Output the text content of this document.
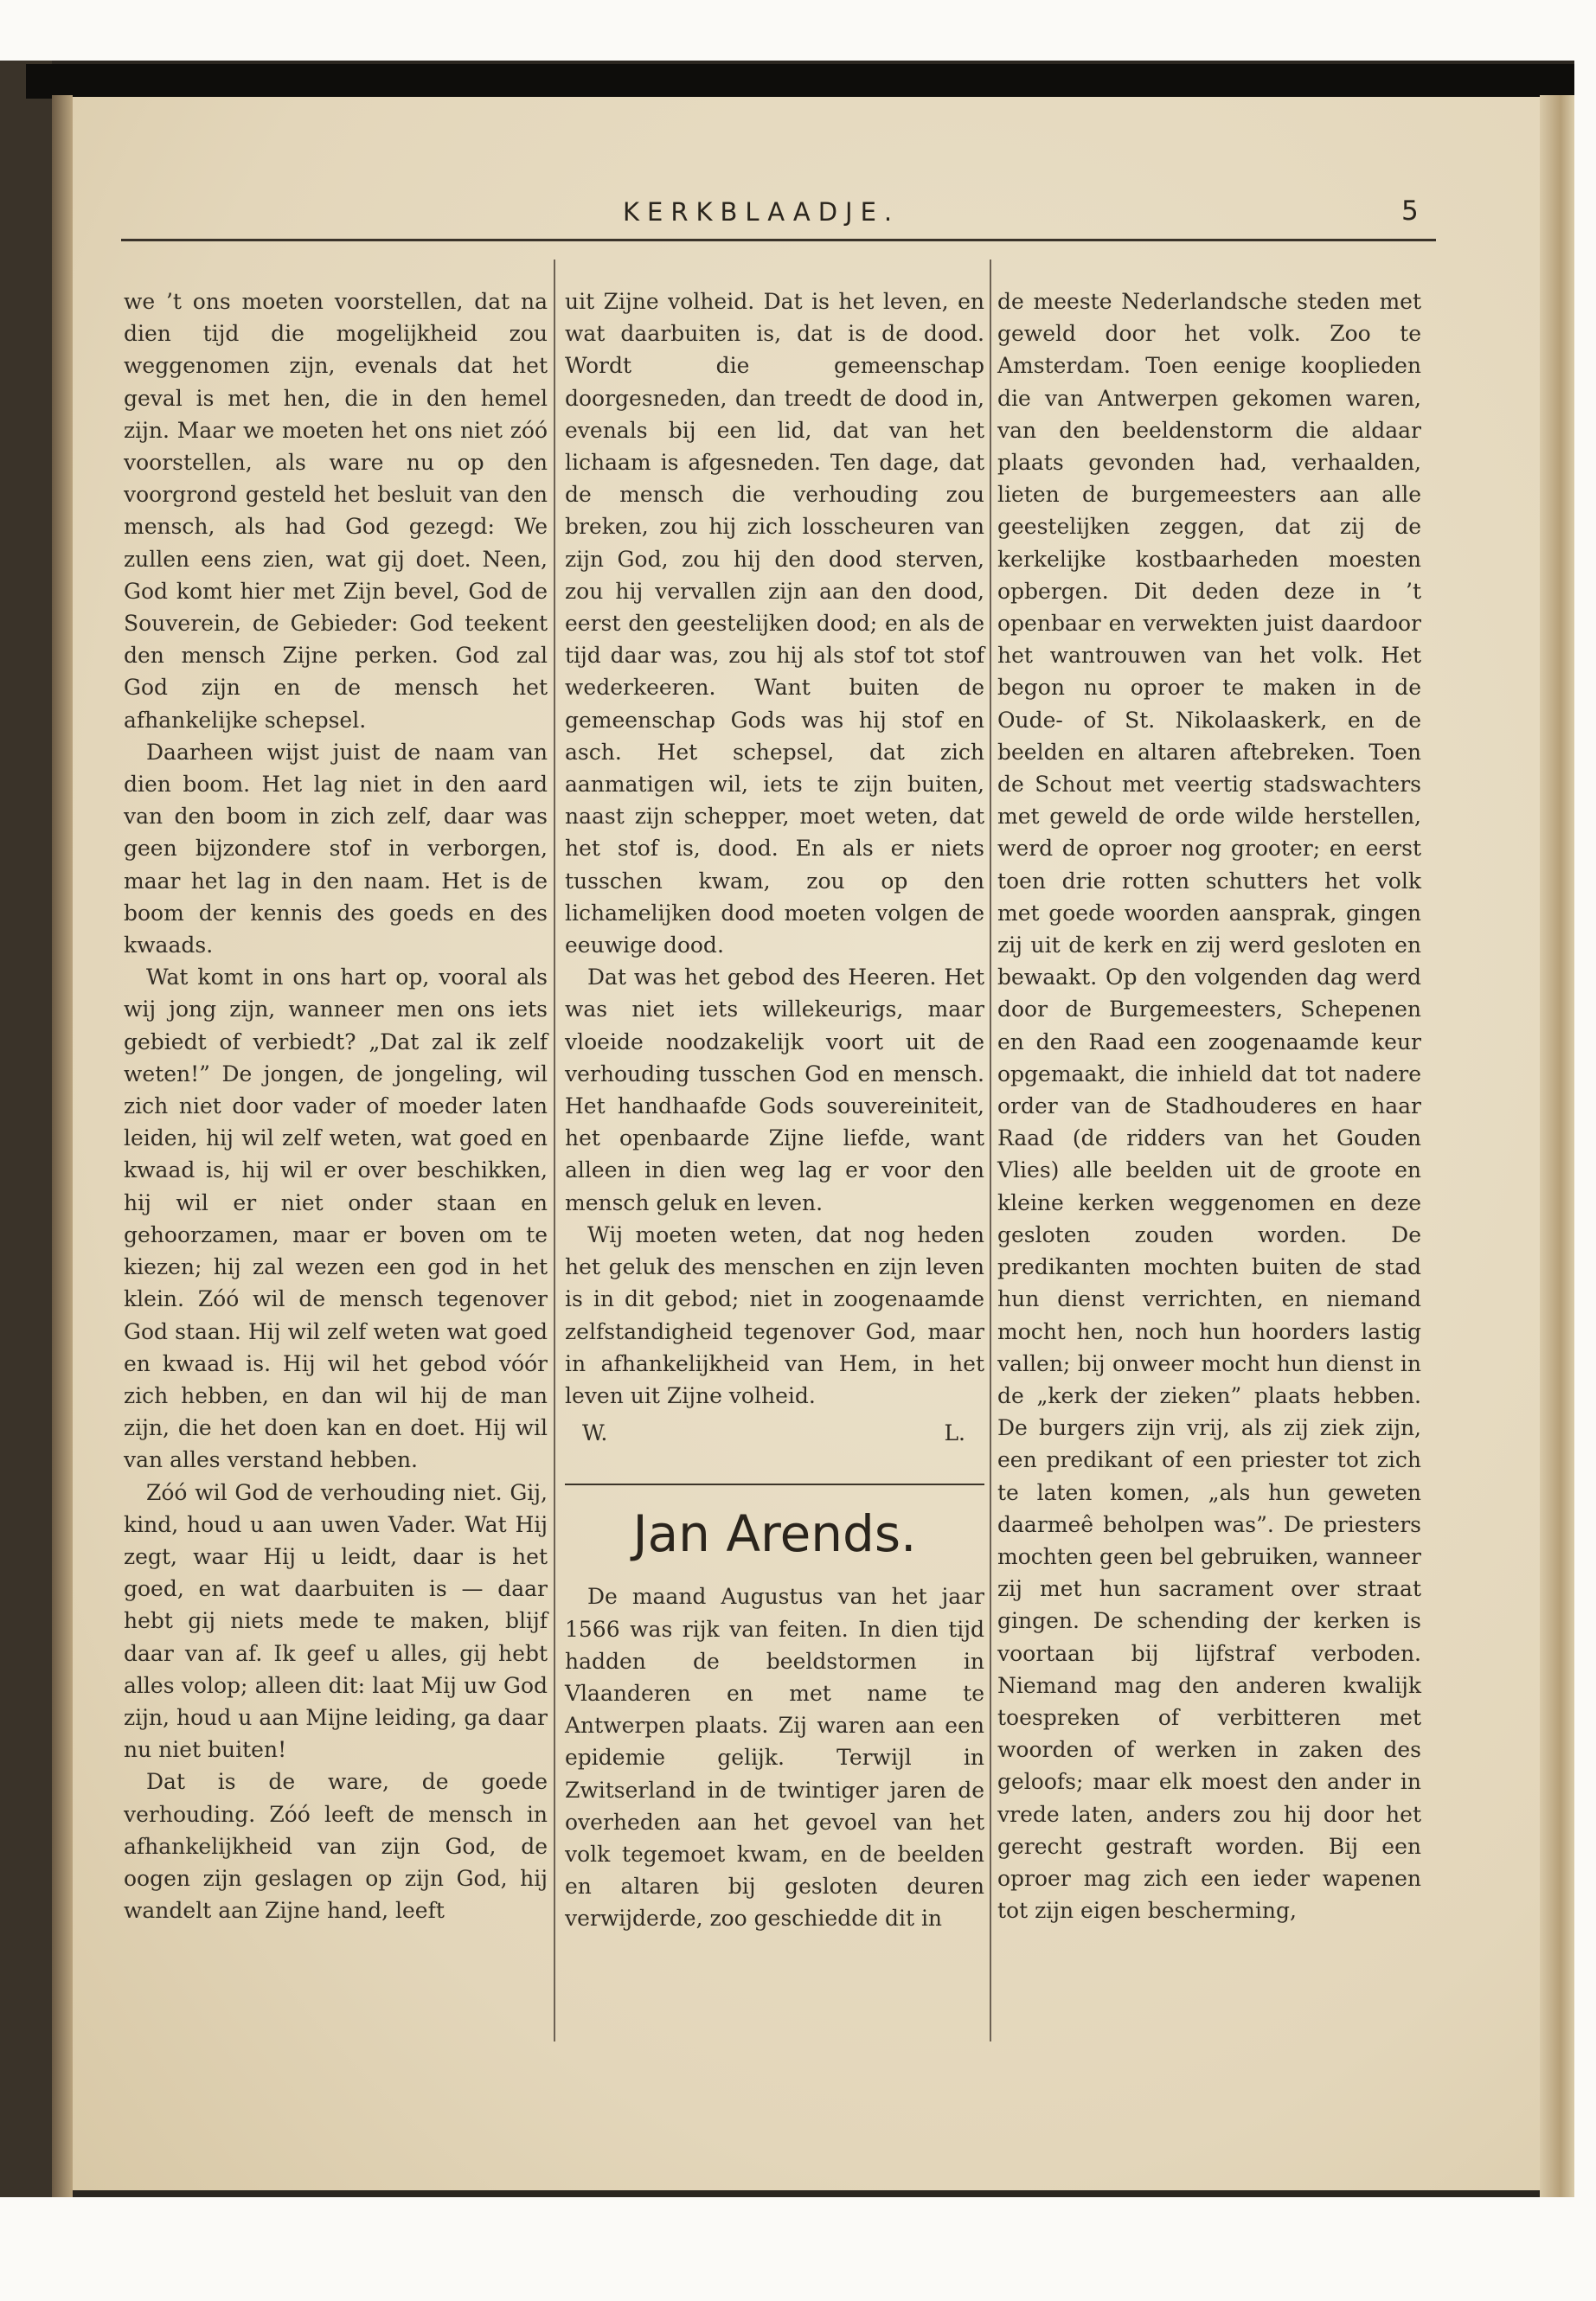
KERKBLAADJE.	5

we ’t ons moeten voorstellen, dat na dien tijd die mogelijkheid zou weggenomen zijn, evenals dat het geval is met hen, die in den hemel zijn. Maar we moeten het ons niet zóó voorstellen, als ware nu op den voorgrond gesteld het besluit van den mensch, als had God gezegd: We zullen eens zien, wat gij doet. Neen, God komt hier met Zijn bevel, God de Souverein, de Gebieder: God teekent den mensch Zijne perken. God zal God zijn en de mensch het afhankelijke schepsel.

Daarheen wijst juist de naam van dien boom. Het lag niet in den aard van den boom in zich zelf, daar was geen bijzondere stof in verborgen, maar het lag in den naam. Het is de boom der kennis des goeds en des kwaads.

Wat komt in ons hart op, vooral als wij jong zijn, wanneer men ons iets gebiedt of verbiedt? „Dat zal ik zelf weten!” De jongen, de jongeling, wil zich niet door vader of moeder laten leiden, hij wil zelf weten, wat goed en kwaad is, hij wil er over beschikken, hij wil er niet onder staan en gehoorzamen, maar er boven om te kiezen; hij zal wezen een god in het klein. Zóó wil de mensch tegenover God staan. Hij wil zelf weten wat goed en kwaad is. Hij wil het gebod vóór zich hebben, en dan wil hij de man zijn, die het doen kan en doet. Hij wil van alles verstand hebben.

Zóó wil God de verhouding niet. Gij, kind, houd u aan uwen Vader. Wat Hij zegt, waar Hij u leidt, daar is het goed, en wat daarbuiten is — daar hebt gij niets mede te maken, blijf daar van af. Ik geef u alles, gij hebt alles volop; alleen dit: laat Mij uw God zijn, houd u aan Mijne leiding, ga daar nu niet buiten!

Dat is de ware, de goede verhouding. Zóó leeft de mensch in afhankelijkheid van zijn God, de oogen zijn geslagen op zijn God, hij wandelt aan Zijne hand, leeft

uit Zijne volheid. Dat is het leven, en wat daarbuiten is, dat is de dood. Wordt die gemeenschap doorgesneden, dan treedt de dood in, evenals bij een lid, dat van het lichaam is afgesneden. Ten dage, dat de mensch die verhouding zou breken, zou hij zich losscheuren van zijn God, zou hij den dood sterven, zou hij vervallen zijn aan den dood, eerst den geestelijken dood; en als de tijd daar was, zou hij als stof tot stof wederkeeren. Want buiten de gemeenschap Gods was hij stof en asch. Het schepsel, dat zich aanmatigen wil, iets te zijn buiten, naast zijn schepper, moet weten, dat het stof is, dood. En als er niets tusschen kwam, zou op den lichamelijken dood moeten volgen de eeuwige dood.

Dat was het gebod des Heeren. Het was niet iets willekeurigs, maar vloeide noodzakelijk voort uit de verhouding tusschen God en mensch. Het handhaafde Gods souvereiniteit, het openbaarde Zijne liefde, want alleen in dien weg lag er voor den mensch geluk en leven.

Wij moeten weten, dat nog heden het geluk des menschen en zijn leven is in dit gebod; niet in zoogenaamde zelfstandigheid tegenover God, maar in afhankelijkheid van Hem, in het leven uit Zijne volheid.

W.	L.

Jan Arends.

De maand Augustus van het jaar 1566 was rijk van feiten. In dien tijd hadden de beeldstormen in Vlaanderen en met name te Antwerpen plaats. Zij waren aan een epidemie gelijk. Terwijl in Zwitserland in de twintiger jaren de overheden aan het gevoel van het volk tegemoet kwam, en de beelden en altaren bij gesloten deuren verwijderde, zoo geschiedde dit in

de meeste Nederlandsche steden met geweld door het volk. Zoo te Amsterdam. Toen eenige kooplieden die van Antwerpen gekomen waren, van den beeldenstorm die aldaar plaats gevonden had, verhaalden, lieten de burgemeesters aan alle geestelijken zeggen, dat zij de kerkelijke kostbaarheden moesten opbergen. Dit deden deze in ’t openbaar en verwekten juist daardoor het wantrouwen van het volk. Het begon nu oproer te maken in de Oude- of St. Nikolaaskerk, en de beelden en altaren aftebreken. Toen de Schout met veertig stadswachters met geweld de orde wilde herstellen, werd de oproer nog grooter; en eerst toen drie rotten schutters het volk met goede woorden aansprak, gingen zij uit de kerk en zij werd gesloten en bewaakt. Op den volgenden dag werd door de Burgemeesters, Schepenen en den Raad een zoogenaamde keur opgemaakt, die inhield dat tot nadere order van de Stadhouderes en haar Raad (de ridders van het Gouden Vlies) alle beelden uit de groote en kleine kerken weggenomen en deze gesloten zouden worden. De predikanten mochten buiten de stad hun dienst verrichten, en niemand mocht hen, noch hun hoorders lastig vallen; bij onweer mocht hun dienst in de „kerk der zieken” plaats hebben. De burgers zijn vrij, als zij ziek zijn, een predikant of een priester tot zich te laten komen, „als hun geweten daarmeê beholpen was”. De priesters mochten geen bel gebruiken, wanneer zij met hun sacrament over straat gingen. De schending der kerken is voortaan bij lijfstraf verboden. Niemand mag den anderen kwalijk toespreken of verbitteren met woorden of werken in zaken des geloofs; maar elk moest den ander in vrede laten, anders zou hij door het gerecht gestraft worden. Bij een oproer mag zich een ieder wapenen tot zijn eigen bescherming,
